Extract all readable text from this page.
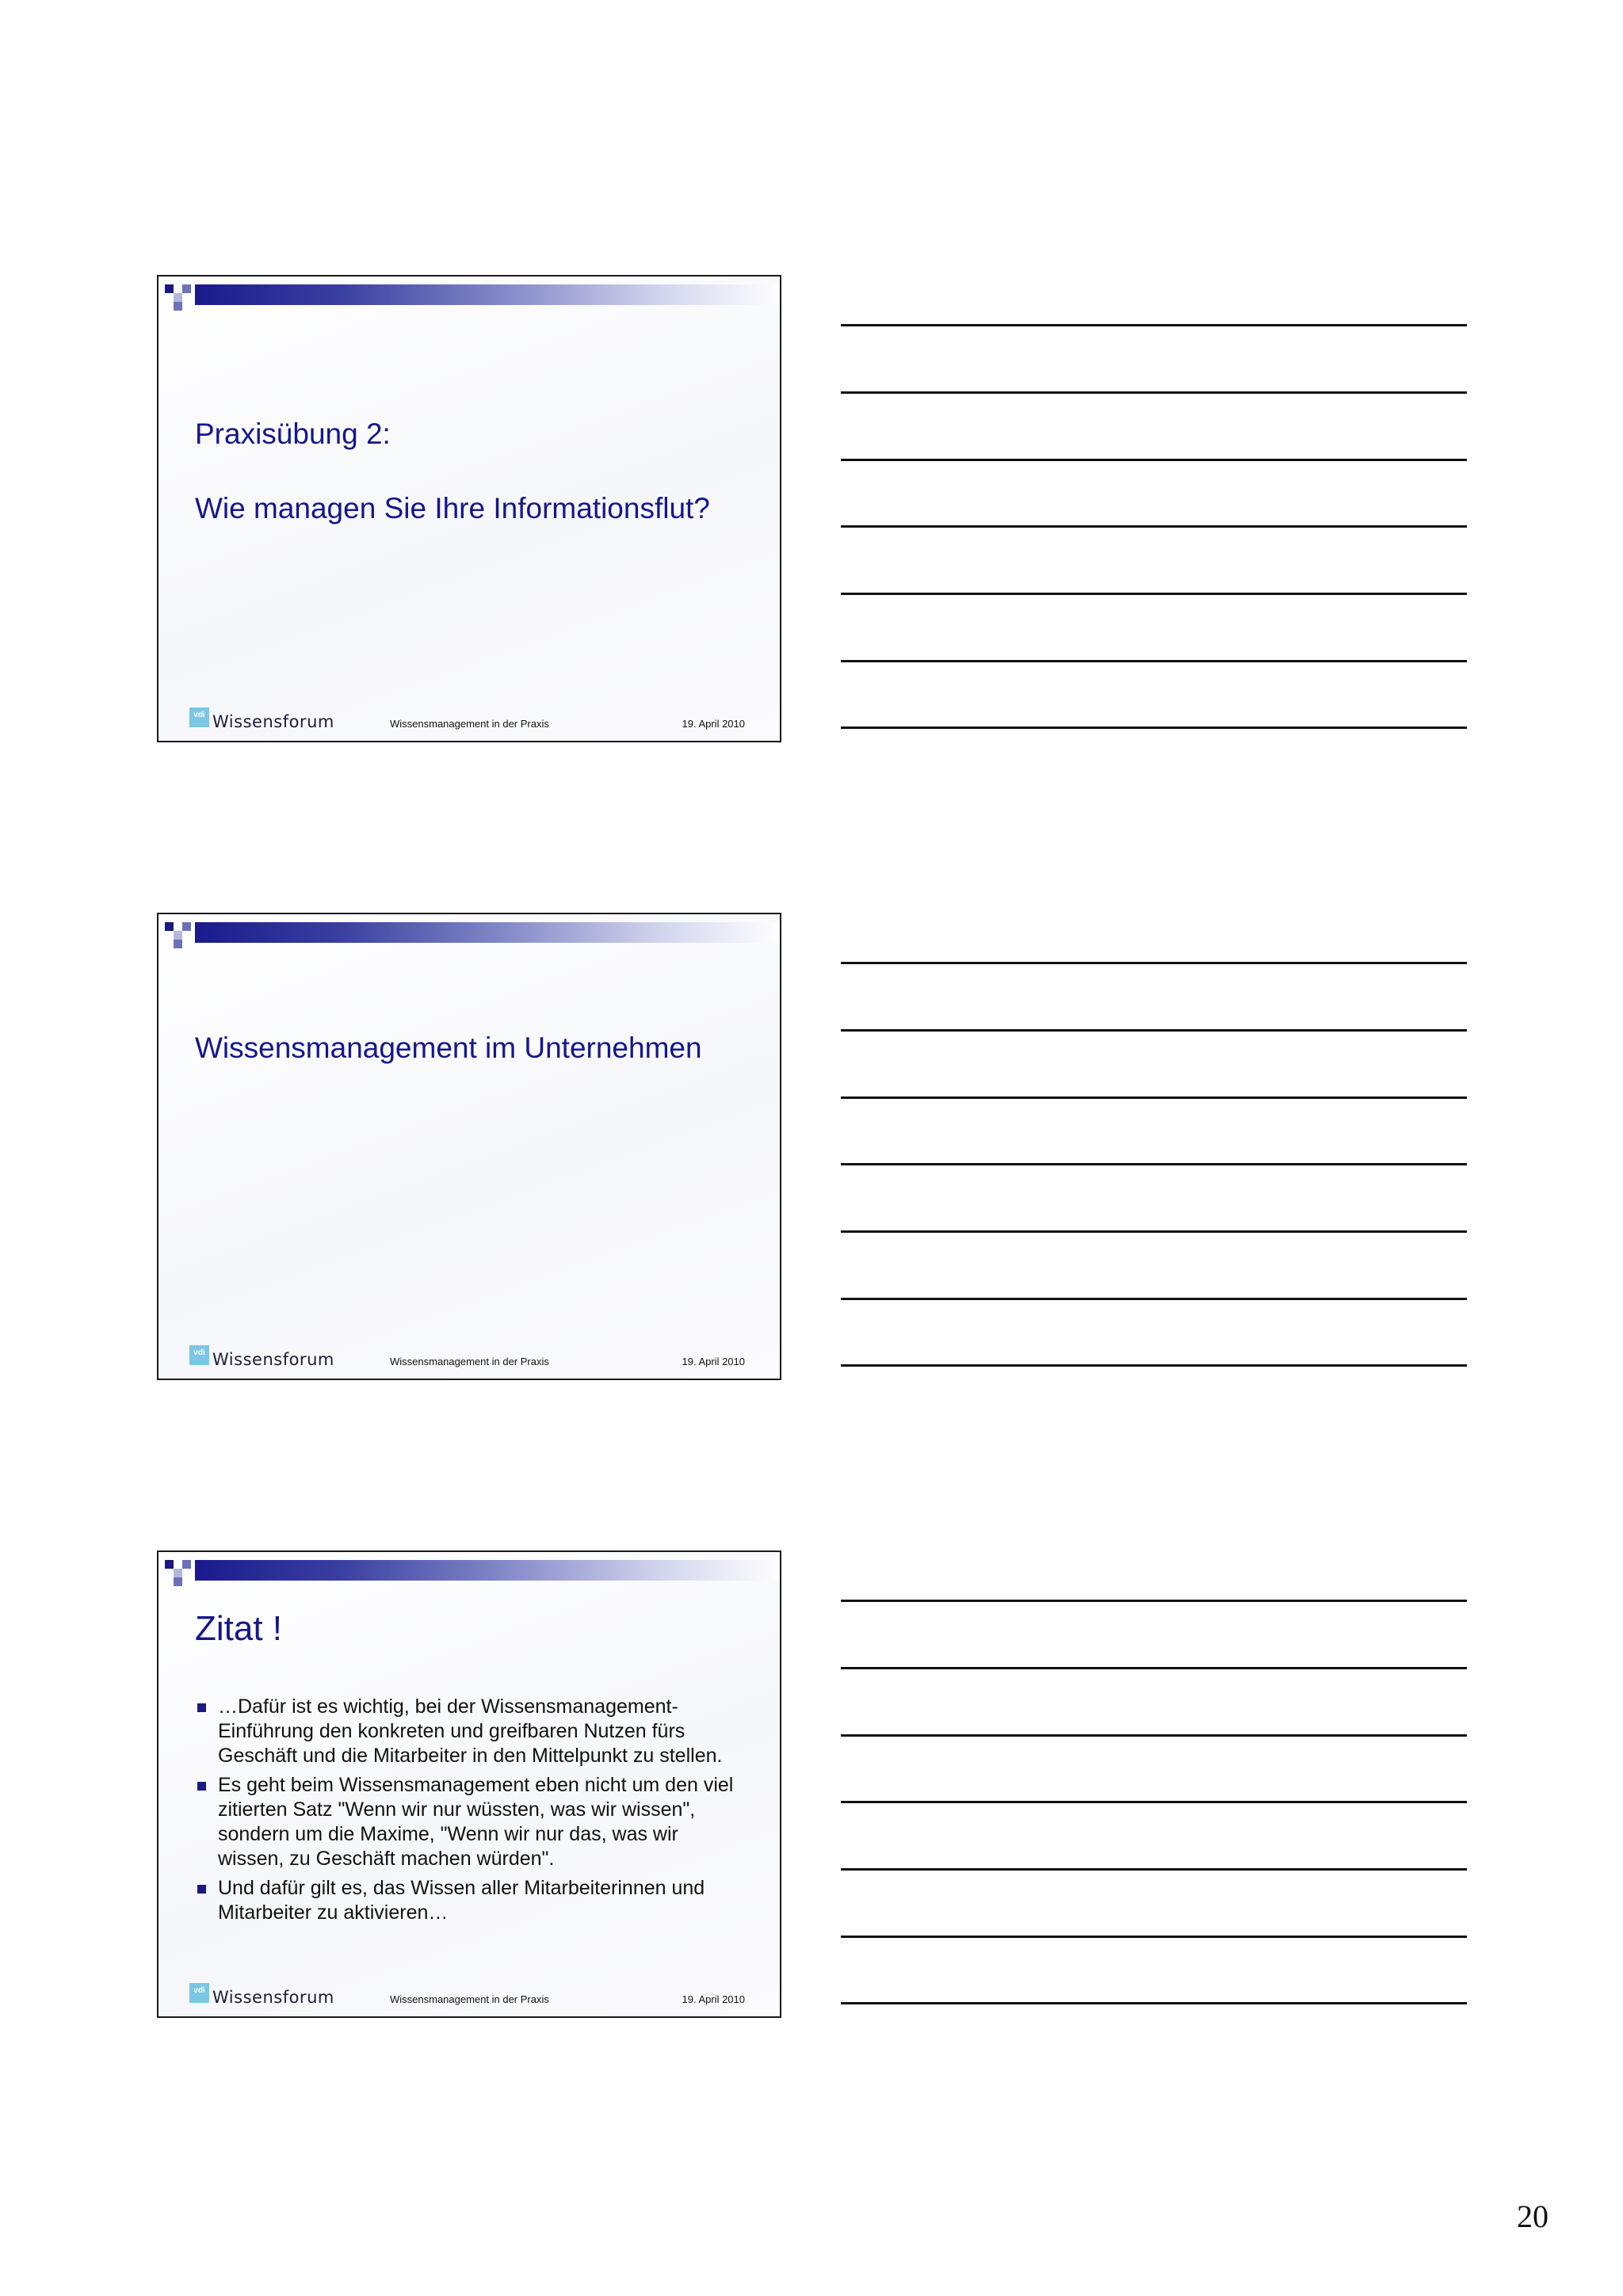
Praxisübung 2:
Wie managen Sie Ihre Informationsflut?
vdi Wissensforum	Wissensmanagement in der Praxis	19. April 2010
Wissensmanagement im Unternehmen
vdi Wissensforum	Wissensmanagement in der Praxis	19. April 2010
Zitat !
…Dafür ist es wichtig, bei der Wissensmanagement-Einführung den konkreten und greifbaren Nutzen fürs Geschäft und die Mitarbeiter in den Mittelpunkt zu stellen.
Es geht beim Wissensmanagement eben nicht um den viel zitierten Satz "Wenn wir nur wüssten, was wir wissen", sondern um die Maxime, "Wenn wir nur das, was wir wissen, zu Geschäft machen würden".
Und dafür gilt es, das Wissen aller Mitarbeiterinnen und Mitarbeiter zu aktivieren…
vdi Wissensforum	Wissensmanagement in der Praxis	19. April 2010
20
